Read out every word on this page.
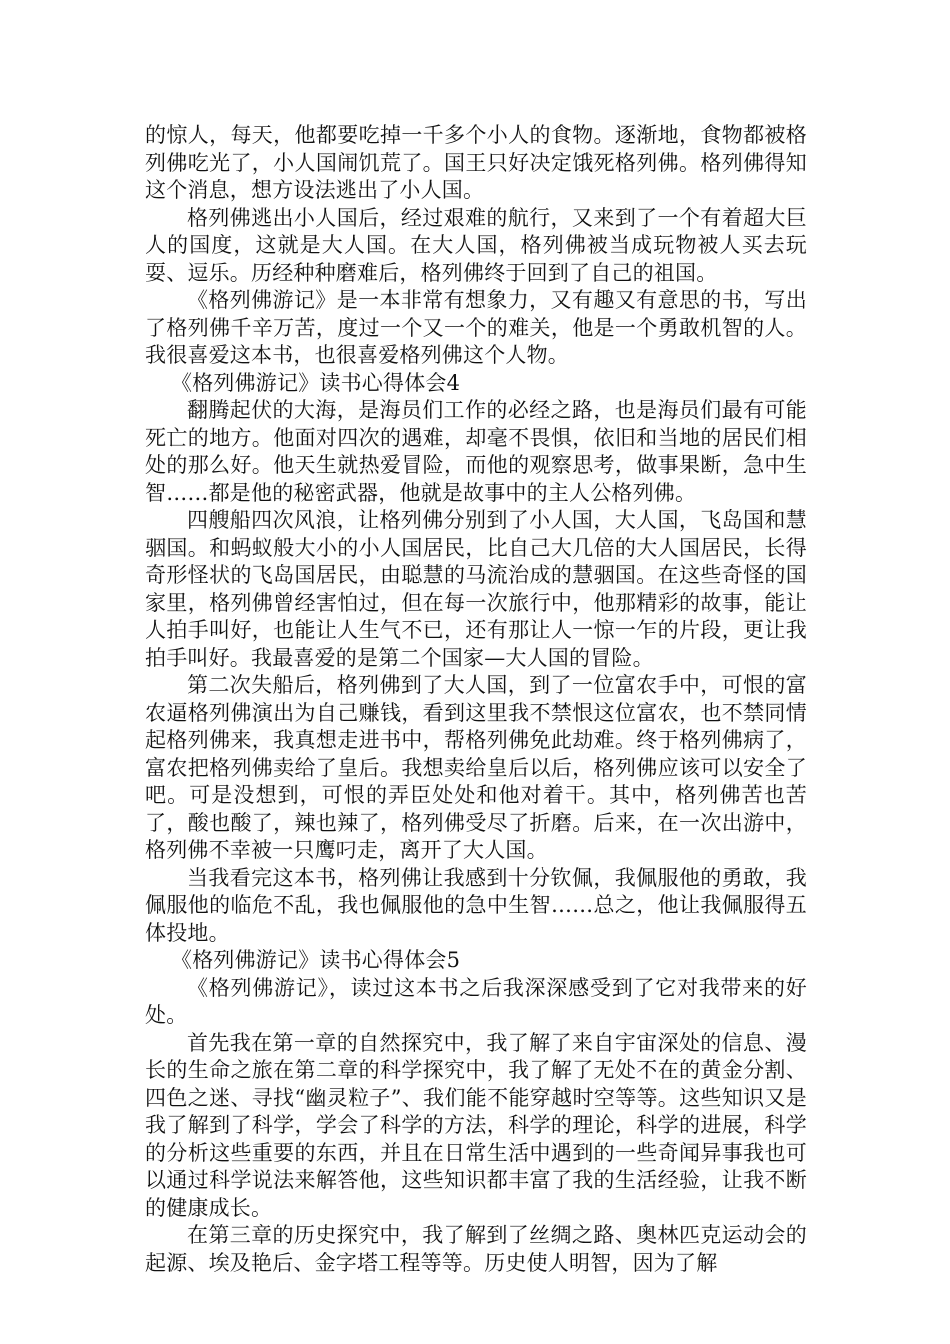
的惊人，每天，他都要吃掉一千多个小人的食物。逐渐地，食物都被格列佛吃光了，小人国闹饥荒了。国王只好决定饿死格列佛。格列佛得知这个消息，想方设法逃出了小人国。

格列佛逃出小人国后，经过艰难的航行，又来到了一个有着超大巨人的国度，这就是大人国。在大人国，格列佛被当成玩物被人买去玩耍、逗乐。历经种种磨难后，格列佛终于回到了自己的祖国。

《格列佛游记》是一本非常有想象力，又有趣又有意思的书，写出了格列佛千辛万苦，度过一个又一个的难关，他是一个勇敢机智的人。我很喜爱这本书，也很喜爱格列佛这个人物。

《格列佛游记》读书心得体会4

翻腾起伏的大海，是海员们工作的必经之路，也是海员们最有可能死亡的地方。他面对四次的遇难，却毫不畏惧，依旧和当地的居民们相处的那么好。他天生就热爱冒险，而他的观察思考，做事果断，急中生智……都是他的秘密武器，他就是故事中的主人公格列佛。

四艘船四次风浪，让格列佛分别到了小人国，大人国，飞岛国和慧骃国。和蚂蚁般大小的小人国居民，比自己大几倍的大人国居民，长得奇形怪状的飞岛国居民，由聪慧的马流治成的慧骃国。在这些奇怪的国家里，格列佛曾经害怕过，但在每一次旅行中，他那精彩的故事，能让人拍手叫好，也能让人生气不已，还有那让人一惊一乍的片段，更让我拍手叫好。我最喜爱的是第二个国家—大人国的冒险。

第二次失船后，格列佛到了大人国，到了一位富农手中，可恨的富农逼格列佛演出为自己赚钱，看到这里我不禁恨这位富农，也不禁同情起格列佛来，我真想走进书中，帮格列佛免此劫难。终于格列佛病了，富农把格列佛卖给了皇后。我想卖给皇后以后，格列佛应该可以安全了吧。可是没想到，可恨的弄臣处处和他对着干。其中，格列佛苦也苦了，酸也酸了，辣也辣了，格列佛受尽了折磨。后来，在一次出游中，格列佛不幸被一只鹰叼走，离开了大人国。

当我看完这本书，格列佛让我感到十分钦佩，我佩服他的勇敢，我佩服他的临危不乱，我也佩服他的急中生智……总之，他让我佩服得五体投地。

《格列佛游记》读书心得体会5

《格列佛游记》，读过这本书之后我深深感受到了它对我带来的好处。

首先我在第一章的自然探究中，我了解了来自宇宙深处的信息、漫长的生命之旅在第二章的科学探究中，我了解了无处不在的黄金分割、四色之迷、寻找“幽灵粒子”、我们能不能穿越时空等等。这些知识又是我了解到了科学，学会了科学的方法，科学的理论，科学的进展，科学的分析这些重要的东西，并且在日常生活中遇到的一些奇闻异事我也可以通过科学说法来解答他，这些知识都丰富了我的生活经验，让我不断的健康成长。

在第三章的历史探究中，我了解到了丝绸之路、奥林匹克运动会的起源、埃及艳后、金字塔工程等等。历史使人明智，因为了解
